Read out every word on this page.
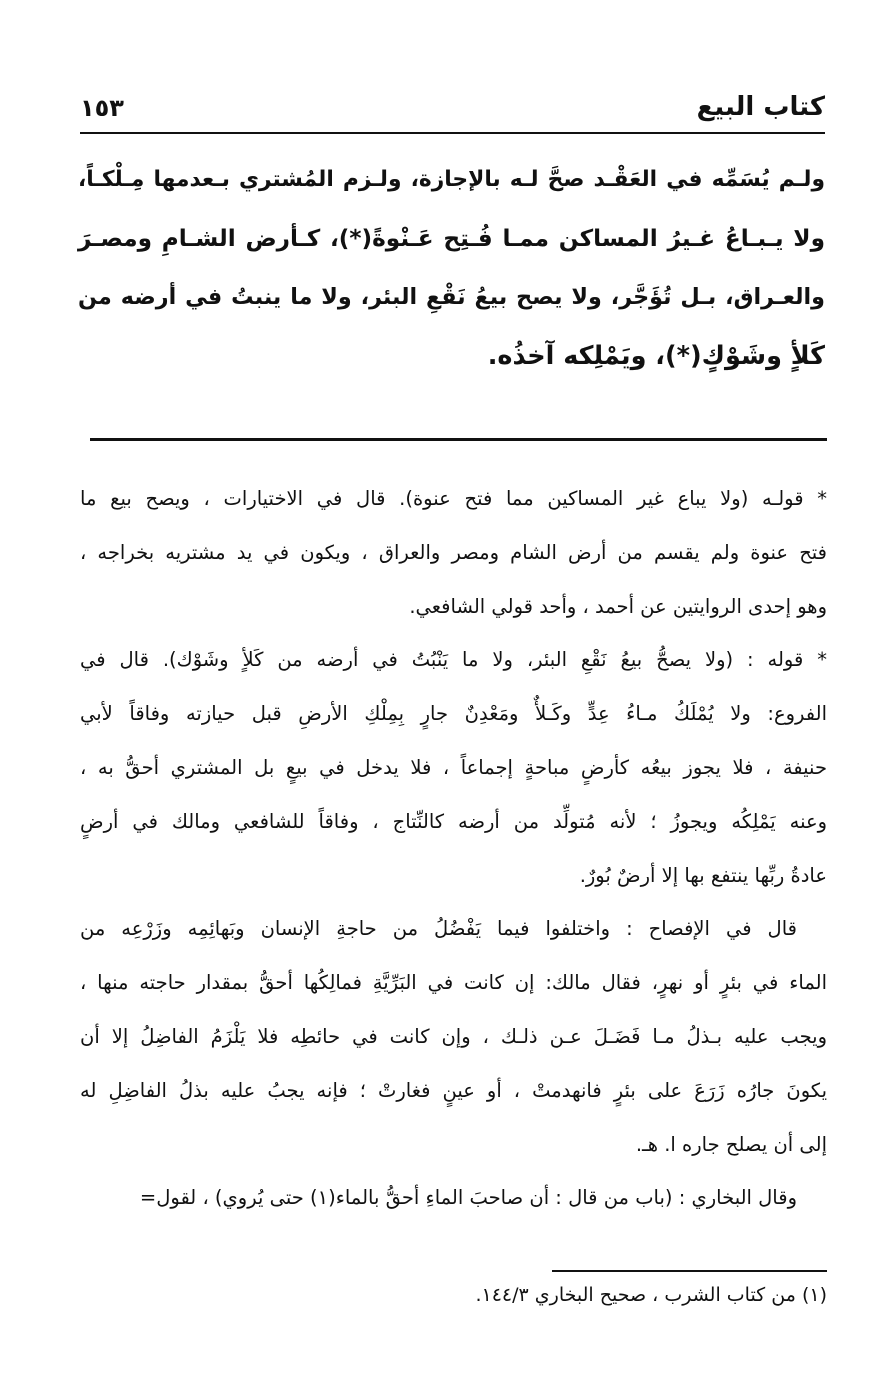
كتاب البيع
١٥٣
ولـم يُسَمِّه في العَقْـد صحَّ لـه بالإجازة، ولـزم المُشتري بـعدمها مِـلْكـاً،
ولا يـبـاعُ غـيرُ المساكن ممـا فُـتِح عَـنْوةً(*)، كـأرض الشـامِ ومصـرَ
والعـراق، بـل تُؤَجَّر، ولا يصح بيعُ نَقْعِ البئر، ولا ما ينبتُ في أرضه من
كَلأٍ وشَوْكٍ(*)، ويَمْلِكه آخذُه.
* قولـه (ولا يباع غير المساكين مما فتح عنوة). قال في الاختيارات ، ويصح بيع ما
فتح عنوة ولم يقسم من أرض الشام ومصر والعراق ، ويكون في يد مشتريه بخراجه ،
وهو إحدى الروايتين عن أحمد ، وأحد قولي الشافعي.
* قوله : (ولا يصحُّ بيعُ نَقْعِ البئر، ولا ما يَنْبُتُ في أرضه من كَلأٍ وشَوْك). قال في
الفروع: ولا يُمْلَكُ مـاءُ عِدٍّ وكَـلأٌ ومَعْدِنٌ جارٍ بِمِلْكِ الأرضِ قبل حيازته وفاقاً لأبي
حنيفة ، فلا يجوز بيعُه كأرضٍ مباحةٍ إجماعاً ، فلا يدخل في بيعٍ بل المشتري أحقُّ به ،
وعنه يَمْلِكُه ويجوزُ ؛ لأنه مُتولِّد من أرضه كالنِّتاج ، وفاقاً للشافعي ومالك في أرضٍ
عادةُ ربِّها ينتفع بها إلا أرضٌ بُورٌ.
قال في الإفصاح : واختلفوا فيما يَفْضُلُ من حاجةِ الإنسان وبَهائِمِه وزَرْعِه من
الماء في بئرٍ أو نهرٍ، فقال مالك: إن كانت في البَرِّيَّةِ فمالِكُها أحقُّ بمقدار حاجته منها ،
ويجب عليه بـذلُ مـا فَضَـلَ عـن ذلـك ، وإن كانت في حائطِه فلا يَلْزَمُ الفاضِلُ إلا أن
يكونَ جارُه زَرَعَ على بئرٍ فانهدمتْ ، أو عينٍ فغارتْ ؛ فإنه يجبُ عليه بذلُ الفاضِلِ له
إلى أن يصلح جاره ا. هـ.
وقال البخاري : (باب من قال : أن صاحبَ الماءِ أحقُّ بالماء(١) حتى يُروي) ، لقول=
(١) من كتاب الشرب ، صحيح البخاري ١٤٤/٣.
